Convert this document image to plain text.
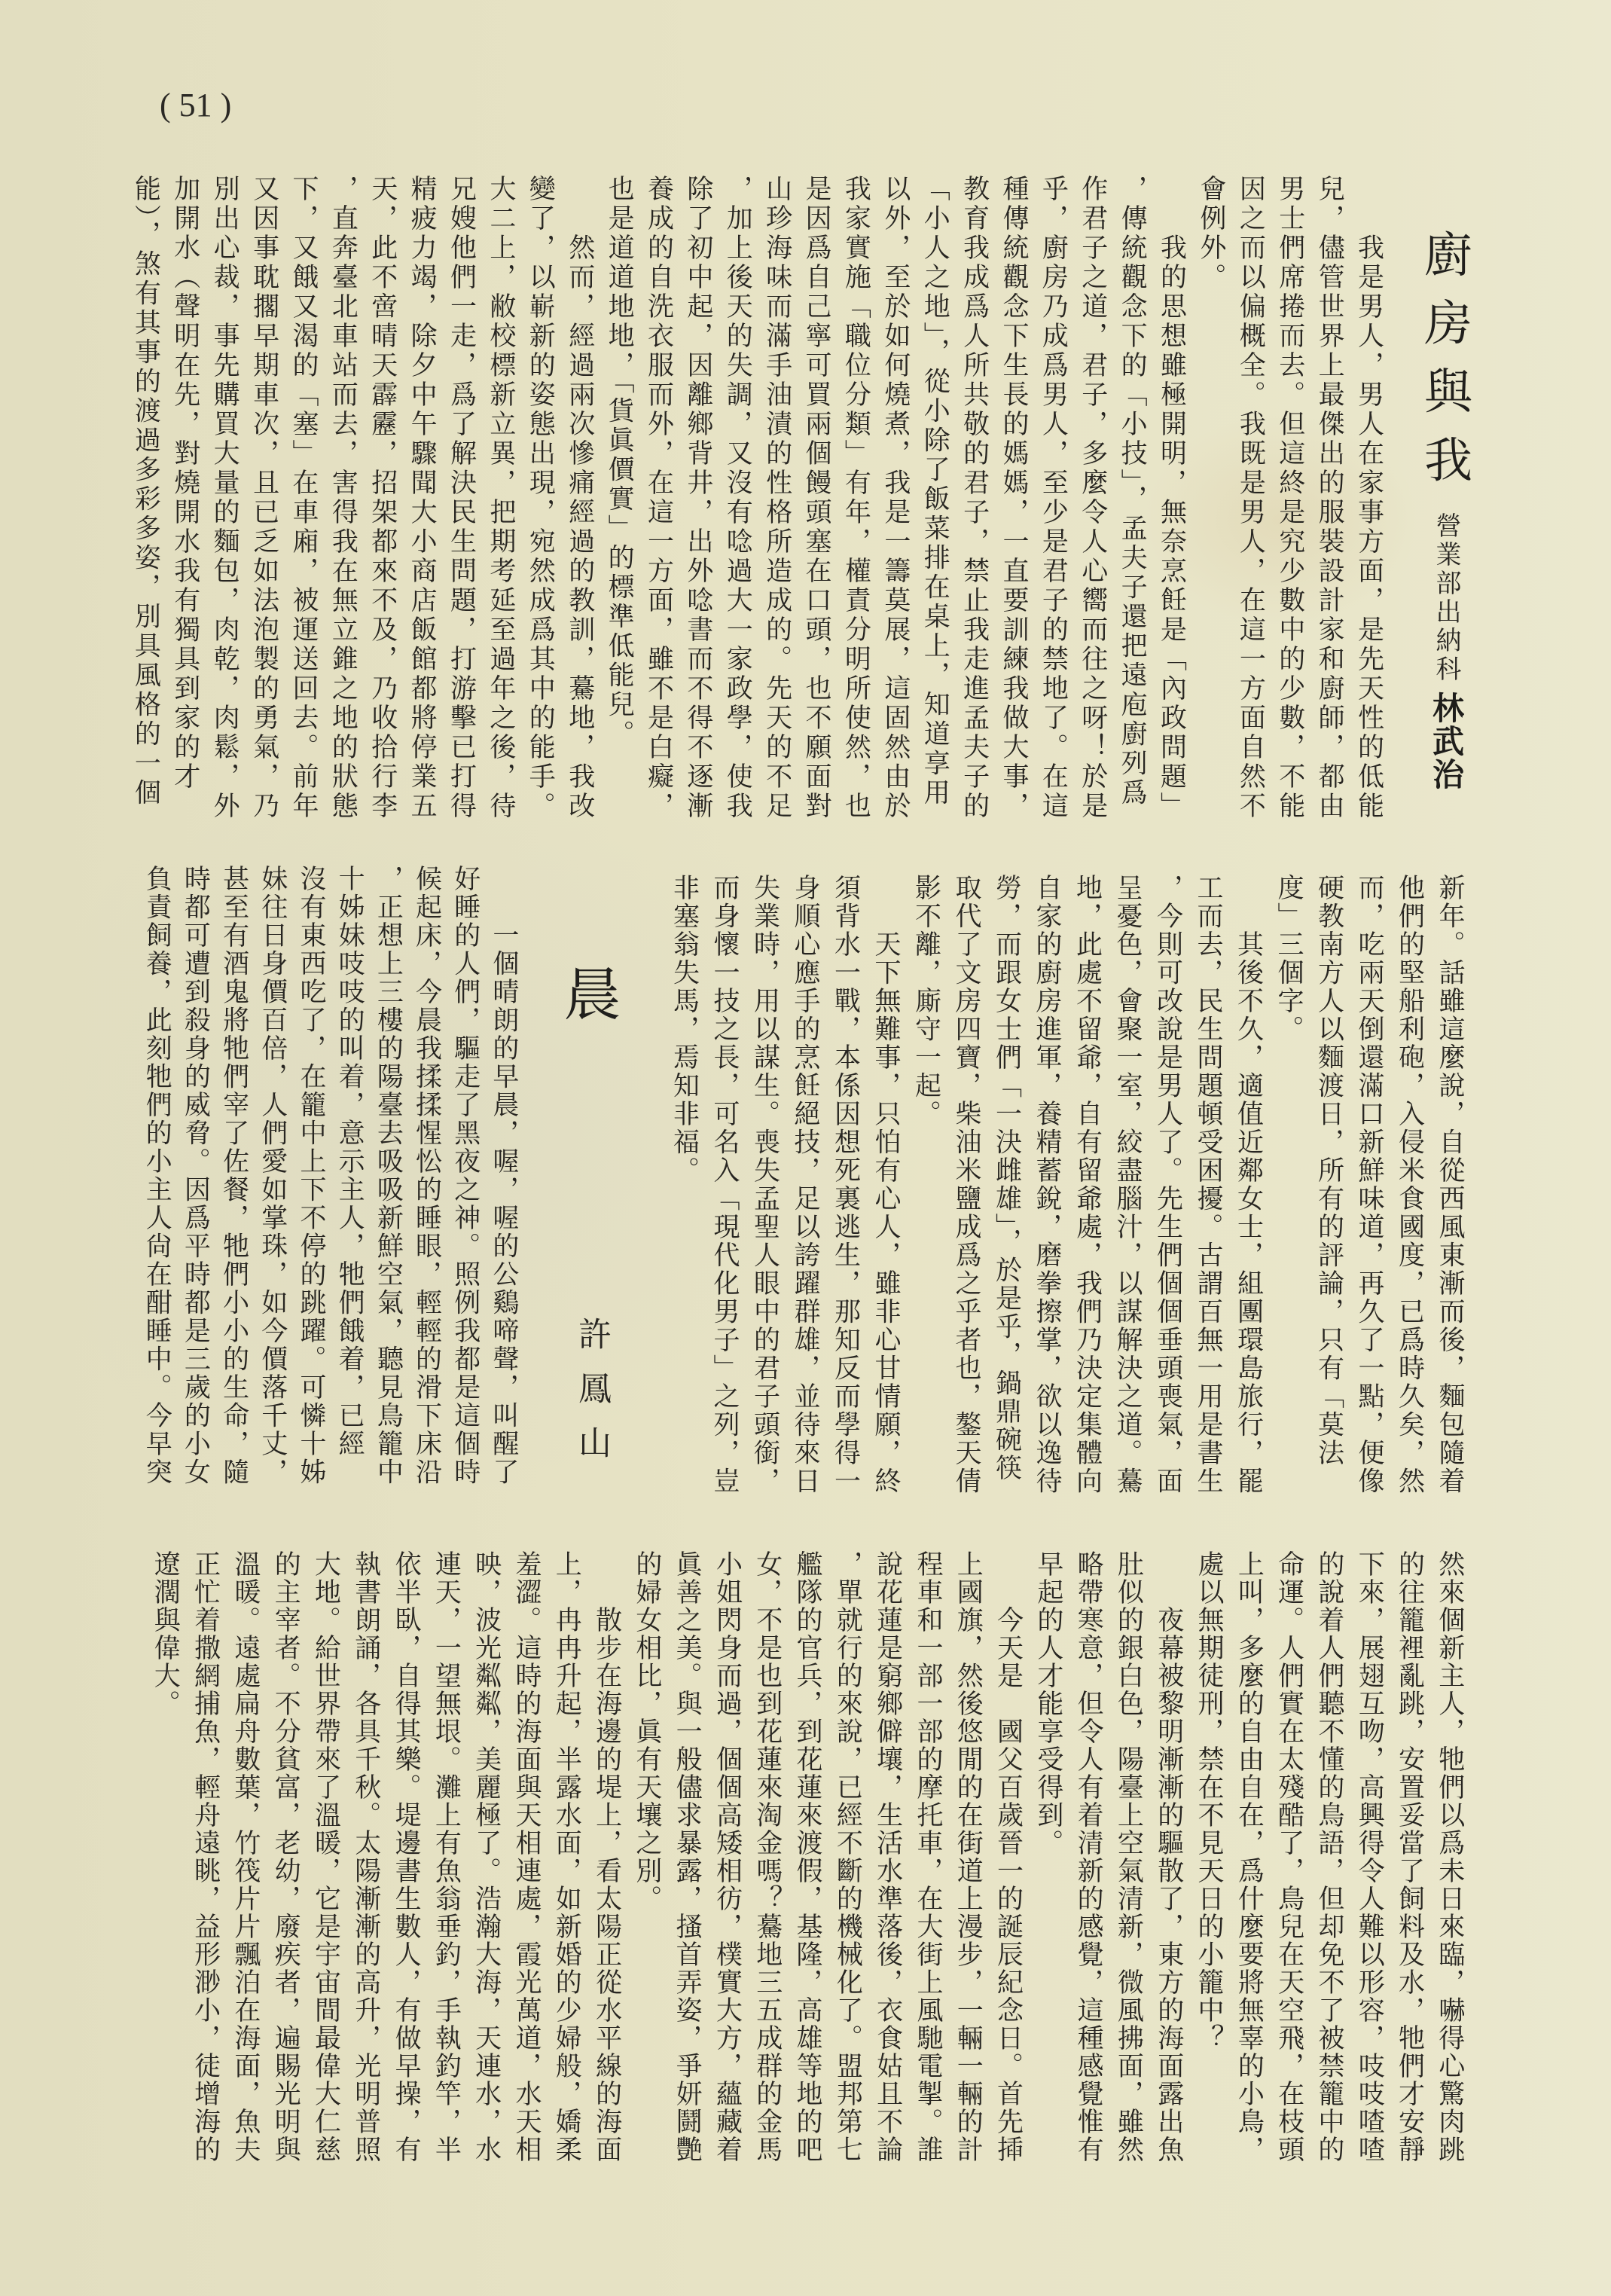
( 51 )
廚房與我
營業部出納科
林武治
　　我是男人，男人在家事方面，是先天性的低能
兒，儘管世界上最傑出的服裝設計家和廚師，都由
男士們席捲而去。但這終是究少數中的少數，不能
因之而以偏概全。我既是男人，在這一方面自然不
會例外。
　　我的思想雖極開明，無奈烹飪是「內政問題」
，傳統觀念下的「小技」，孟夫子還把遠庖廚列爲
作君子之道，君子，多麼令人心嚮而往之呀！於是
乎，廚房乃成爲男人，至少是君子的禁地了。在這
種傳統觀念下生長的媽媽，一直要訓練我做大事，
教育我成爲人所共敬的君子，禁止我走進孟夫子的
「小人之地」，從小除了飯菜排在桌上，知道享用
以外，至於如何燒煮，我是一籌莫展，這固然由於
我家實施「職位分類」有年，權責分明所使然，也
是因爲自己寧可買兩個饅頭塞在口頭，也不願面對
山珍海味而滿手油漬的性格所造成的。先天的不足
，加上後天的失調，又沒有唸過大一家政學，使我
除了初中起，因離鄉背井，出外唸書而不得不逐漸
養成的自洗衣服而外，在這一方面，雖不是白癡，
也是道道地地，「貨眞價實」的標準低能兒。
　　然而，經過兩次慘痛經過的教訓，驀地，我改
變了，以嶄新的姿態出現，宛然成爲其中的能手。
大二上，敝校標新立異，把期考延至過年之後，待
兄嫂他們一走，爲了解決民生問題，打游擊已打得
精疲力竭，除夕中午驟聞大小商店飯館都將停業五
天，此不啻晴天霹靂，招架都來不及，乃收拾行李
，直奔臺北車站而去，害得我在無立錐之地的狀態
下，又餓又渴的「塞」在車廂，被運送回去。前年
又因事耽擱早期車次，且已乏如法泡製的勇氣，乃
別出心裁，事先購買大量的麵包，肉乾，肉鬆，外
加開水（聲明在先，對燒開水我有獨具到家的才
能），煞有其事的渡過多彩多姿，別具風格的一個
新年。話雖這麼說，自從西風東漸而後，麵包隨着
他們的堅船利砲，入侵米食國度，已爲時久矣，然
而，吃兩天倒還滿口新鮮味道，再久了一點，便像
硬教南方人以麵渡日，所有的評論，只有「莫法
度」三個字。
　　其後不久，適值近鄰女士，組團環島旅行，罷
工而去，民生問題頓受困擾。古謂百無一用是書生
，今則可改說是男人了。先生們個個垂頭喪氣，面
呈憂色，會聚一室，絞盡腦汁，以謀解決之道。驀
地，此處不留爺，自有留爺處，我們乃決定集體向
自家的廚房進軍，養精蓄銳，磨拳擦掌，欲以逸待
勞，而跟女士們「一決雌雄」，於是乎，鍋鼎碗筷
取代了文房四寶，柴油米鹽成爲之乎者也，鏊天倩
影不離，廝守一起。
　　天下無難事，只怕有心人，雖非心甘情願，終
須背水一戰，本係因想死裏逃生，那知反而學得一
身順心應手的烹飪絕技，足以誇躍群雄，並待來日
失業時，用以謀生。喪失孟聖人眼中的君子頭銜，
而身懷一技之長，可名入「現代化男子」之列，豈
非塞翁失馬，焉知非福。
晨
許鳳山
　　一個晴朗的早晨，喔，喔的公鷄啼聲，叫醒了
好睡的人們，驅走了黑夜之神。照例我都是這個時
候起床，今晨我揉揉惺忪的睡眼，輕輕的滑下床沿
，正想上三樓的陽臺去吸吸新鮮空氣，聽見鳥籠中
十姊妹吱吱的叫着，意示主人，牠們餓着，已經
沒有東西吃了，在籠中上下不停的跳躍。可憐十姊
妹往日身價百倍，人們愛如掌珠，如今價落千丈，
甚至有酒鬼將牠們宰了佐餐，牠們小小的生命，隨
時都可遭到殺身的威脅。因爲平時都是三歲的小女
負責飼養，此刻牠們的小主人尙在酣睡中。今早突
然來個新主人，牠們以爲未日來臨，嚇得心驚肉跳
的往籠裡亂跳，安置妥當了飼料及水，牠們才安靜
下來，展翅互吻，高興得令人難以形容，吱吱喳喳
的說着人們聽不懂的鳥語，但却免不了被禁籠中的
命運。人們實在太殘酷了，鳥兒在天空飛，在枝頭
上叫，多麼的自由自在，爲什麼要將無辜的小鳥，
處以無期徒刑，禁在不見天日的小籠中？
　　夜幕被黎明漸漸的驅散了，東方的海面露出魚
肚似的銀白色，陽臺上空氣清新，微風拂面，雖然
略帶寒意，但令人有着清新的感覺，這種感覺惟有
早起的人才能享受得到。
　　今天是　國父百歲晉一的誕辰紀念日。首先揷
上國旗，然後悠閒的在街道上漫步，一輛一輛的計
程車和一部一部的摩托車，在大街上風馳電掣。誰
說花蓮是窮鄉僻壤，生活水準落後，衣食姑且不論
，單就行的來說，已經不斷的機械化了。盟邦第七
艦隊的官兵，到花蓮來渡假，基隆，高雄等地的吧
女，不是也到花蓮來淘金嗎？驀地三五成群的金馬
小姐閃身而過，個個高矮相彷，樸實大方，蘊藏着
眞善之美。與一般儘求暴露，搔首弄姿，爭妍鬪艷
的婦女相比，眞有天壤之別。
　　散步在海邊的堤上，看太陽正從水平線的海面
上，冉冉升起，半露水面，如新婚的少婦般，嬌柔
羞澀。這時的海面與天相連處，霞光萬道，水天相
映，波光粼粼，美麗極了。浩瀚大海，天連水，水
連天，一望無垠。灘上有魚翁垂釣，手執釣竿，半
依半臥，自得其樂。堤邊書生數人，有做早操，有
執書朗誦，各具千秋。太陽漸漸的高升，光明普照
大地。給世界帶來了溫暖，它是宇宙間最偉大仁慈
的主宰者。不分貧富，老幼，廢疾者，遍賜光明與
溫暖。遠處扁舟數葉，竹筏片片飄泊在海面，魚夫
正忙着撒網捕魚，輕舟遠眺，益形渺小，徒增海的
遼濶與偉大。
